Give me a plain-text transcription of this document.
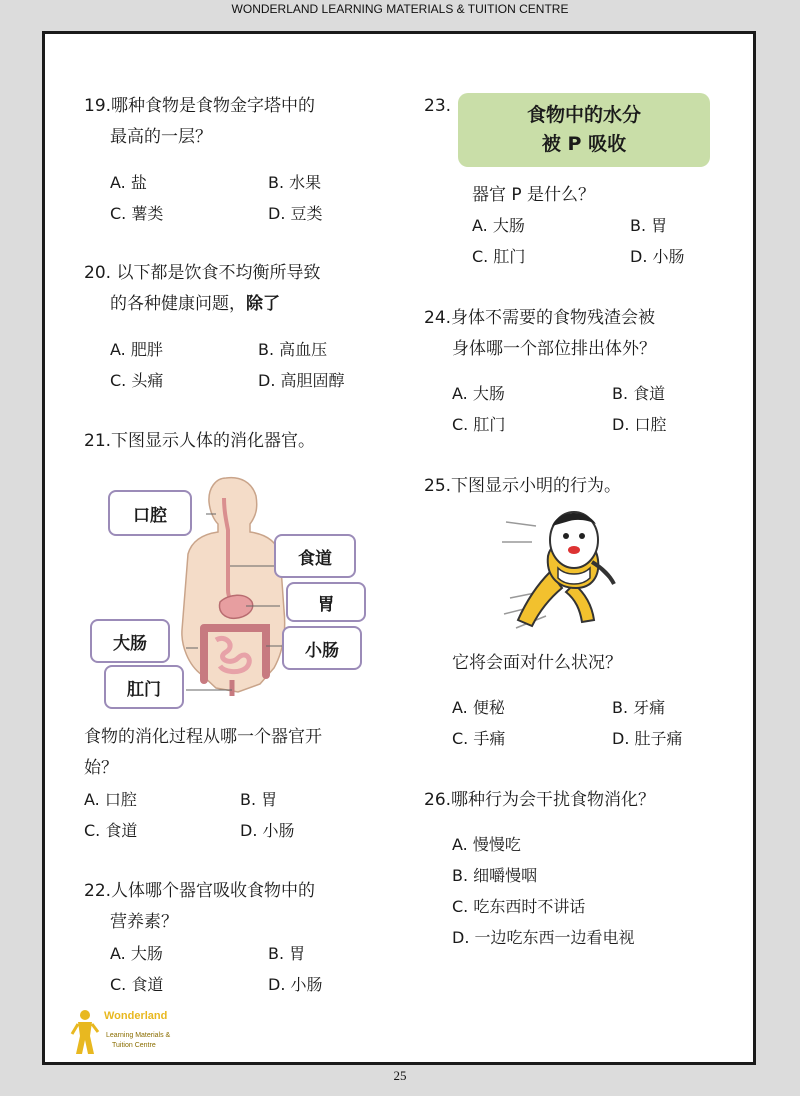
WONDERLAND LEARNING MATERIALS & TUITION CENTRE
19.哪种食物是食物金字塔中的
最高的一层？
A. 盐	B. 水果
C. 薯类	D. 豆类
20. 以下都是饮食不均衡所导致
的各种健康问题，除了
A. 肥胖	B. 高血压
C. 头痛	D. 高胆固醇
21.下图显示人体的消化器官。
口腔
食道
胃
大肠	小肠
肛门
食物的消化过程从哪一个器官开
始？
A. 口腔	B. 胃
C. 食道	D. 小肠
22.人体哪个器官吸收食物中的
营养素？
A. 大肠	B. 胃
C. 食道	D. 小肠
Wonderland
Learning Materials &
Tuition Centre
23.	食物中的水分
被 P 吸收
器官 P 是什么？
A. 大肠	B. 胃
C. 肛门	D. 小肠
24.身体不需要的食物残渣会被
身体哪一个部位排出体外？
A. 大肠	B. 食道
C. 肛门	D. 口腔
25.下图显示小明的行为。
它将会面对什么状况？
A. 便秘	B. 牙痛
C. 手痛	D. 肚子痛
26.哪种行为会干扰食物消化？
A. 慢慢吃
B. 细嚼慢咽
C. 吃东西时不讲话
D. 一边吃东西一边看电视
25
